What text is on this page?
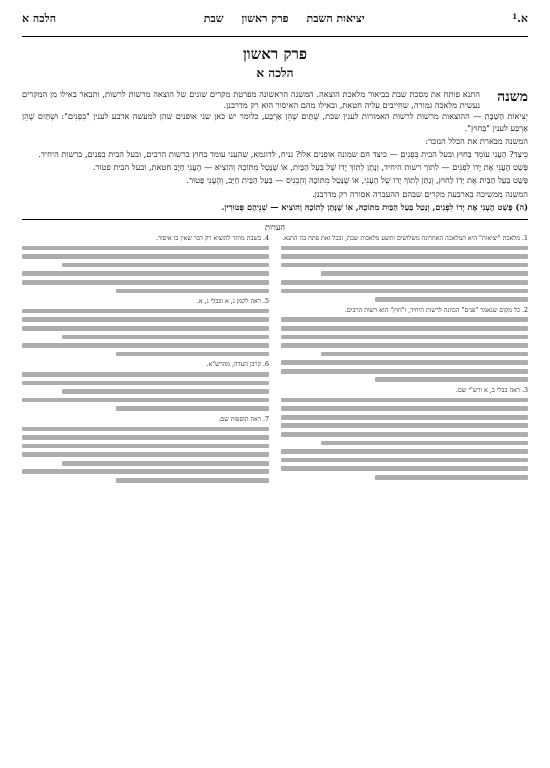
א.
1
יציאות השבת
פרק ראשון
שבת
הלכה א
פרק ראשון
הלכה א
משנה
התנא פותח את מסכת שבת בביאור מלאכת הוצאה. המשנה הראשונה מפרטת מקרים שונים של הוצאה מרשות לרשות, ותבאר באילו מן המקרים נעשית מלאכה גמורה, שחייבים עליה חטאת, ובאילו מהם האיסור הוא רק מדרבנן.
יְצִיאוֹת הַשַּׁבָּת — ההוצאות מרשות לרשות האמורות לענין שבת, שְׁתַּיִם שֶׁהֵן אַרְבַּע, כלומר יש כאן שני אופנים שהן למעשה ארבע לענין "בִּפְנִים": וּשְׁתַּיִם שֶׁהֵן אַרְבַּע לענין "בַּחוּץ".
המשנה מבארת את הכלל הנזכר:
כֵּיצַד? הֶעָנִי עוֹמֵד בַּחוּץ ובעל הבית בִּפְנִים — כיצד הם שמונה אופנים אלו? נניח, לדוגמא, שהעני עומד בחוץ ברשות הרבים, ובעל הבית בפנים, ברשות היחיד.
פָּשַׁט הֶעָנִי אֶת יָדוֹ לִפְנִים — לתוך רשות היחיד, וְנָתַן לְתוֹךְ יָדוֹ שֶׁל בַּעַל הַבַּיִת, אוֹ שֶׁנָּטַל מִתּוֹכָהּ וְהוֹצִיא — הֶעָנִי חַיָּב חטאת, ובעל הבית פטור.
פָּשַׁט בַּעַל הַבַּיִת אֶת יָדוֹ לַחוּץ, וְנָתַן לְתוֹךְ יָדוֹ שֶׁל הֶעָנִי, אוֹ שֶׁנָּטַל מִתּוֹכָהּ וְהִכְנִיס — בַּעַל הַבַּיִת חַיָּב, וְהֶעָנִי פָּטוּר.
המשנה ממשיכה בארבעה מקרים שבהם ההעברה אסורה רק מדרבנן.
(ה) פָּשַׁט הֶעָנִי אֶת יָדוֹ לִפְנִים, וְנָטַל בַּעַל הַבַּיִת מִתּוֹכָהּ, אוֹ שֶׁנָּתַן לְתוֹכָהּ וְהוֹצִיא — שְׁנֵיהֶם פְּטוּרִין.
הערות
1. מלאכת "יציאות" היא המלאכה האחרונה משלושים ותשע מלאכות שבת, ובכל זאת פתח בה התנא.
2. כל מקום שנאמר "פנים" הכוונה לרשות היחיד, ו"חוץ" הוא רשות הרבים.
3. ראה בבלי ב, א ורש"י שם.
4. בשבת מותר להוציא רק דבר שאין בו איסור.
5. ראה לקמן ג, א ובבלי ג, א.
6. קרבן העדה, מהרש"א.
7. ראה תוספות שם.
